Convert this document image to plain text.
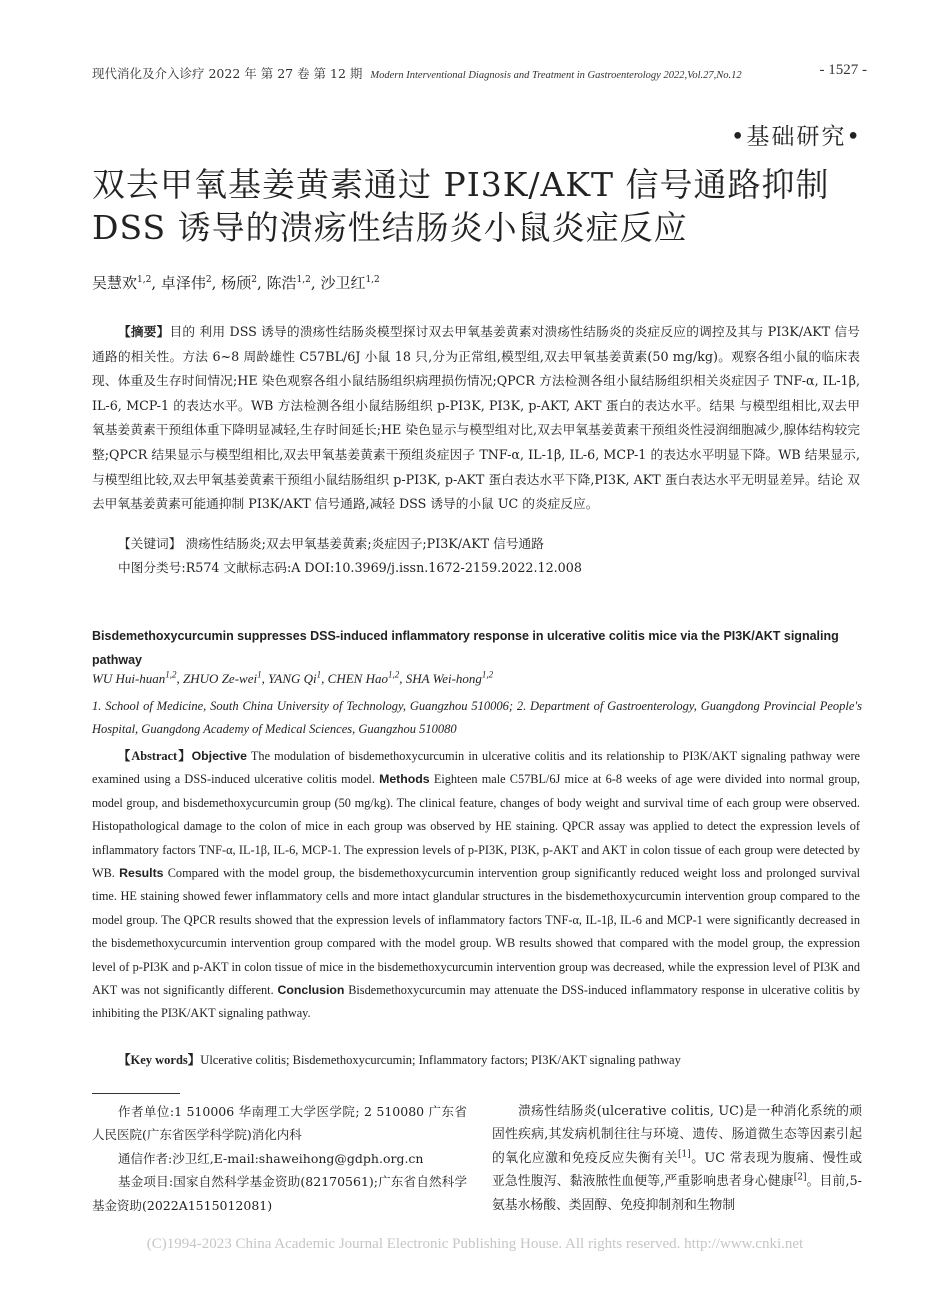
现代消化及介入诊疗 2022 年 第 27 卷 第 12 期 Modern Interventional Diagnosis and Treatment in Gastroenterology 2022,Vol.27,No.12	- 1527 -
•基础研究•
双去甲氧基姜黄素通过 PI3K/AKT 信号通路抑制
DSS 诱导的溃疡性结肠炎小鼠炎症反应
吴慧欢$^{1,2}$, 卓泽伟$^2$, 杨颀$^2$, 陈浩$^{1,2}$, 沙卫红$^{1,2}$

【摘要】目的 利用 DSS 诱导的溃疡性结肠炎模型探讨双去甲氧基姜黄素对溃疡性结肠炎的炎症反应的调控及其与 PI3K/AKT 信号通路的相关性。方法 6~8 周龄雄性 C57BL/6J 小鼠 18 只,分为正常组,模型组,双去甲氧基姜黄素(50 mg/kg)。观察各组小鼠的临床表现、体重及生存时间情况;HE 染色观察各组小鼠结肠组织病理损伤情况;QPCR 方法检测各组小鼠结肠组织相关炎症因子 TNF-α, IL-1β, IL-6, MCP-1 的表达水平。WB 方法检测各组小鼠结肠组织 p-PI3K, PI3K, p-AKT, AKT 蛋白的表达水平。结果 与模型组相比,双去甲氧基姜黄素干预组体重下降明显减轻,生存时间延长;HE 染色显示与模型组对比,双去甲氧基姜黄素干预组炎性浸润细胞减少,腺体结构较完整;QPCR 结果显示与模型组相比,双去甲氧基姜黄素干预组炎症因子 TNF-α, IL-1β, IL-6, MCP-1 的表达水平明显下降。WB 结果显示,与模型组比较,双去甲氧基姜黄素干预组小鼠结肠组织 p-PI3K, p-AKT 蛋白表达水平下降,PI3K, AKT 蛋白表达水平无明显差异。结论 双去甲氧基姜黄素可能通抑制 PI3K/AKT 信号通路,减轻 DSS 诱导的小鼠 UC 的炎症反应。

【关键词】 溃疡性结肠炎;双去甲氧基姜黄素;炎症因子;PI3K/AKT 信号通路
中图分类号:R574 文献标志码:A DOI:10.3969/j.issn.1672-2159.2022.12.008

Bisdemethoxycurcumin suppresses DSS-induced inflammatory response in ulcerative colitis mice via the PI3K/AKT signaling pathway

WU Hui-huan$^{1,2}$, ZHUO Ze-wei$^1$, YANG Qi$^1$, CHEN Hao$^{1,2}$, SHA Wei-hong$^{1,2}$

1. School of Medicine, South China University of Technology, Guangzhou 510006; 2. Department of Gastroenterology, Guangdong Provincial People's Hospital, Guangdong Academy of Medical Sciences, Guangzhou 510080

【Abstract】Objective The modulation of bisdemethoxycurcumin in ulcerative colitis and its relationship to PI3K/AKT signaling pathway were examined using a DSS-induced ulcerative colitis model. Methods Eighteen male C57BL/6J mice at 6-8 weeks of age were divided into normal group, model group, and bisdemethoxycurcumin group (50 mg/kg). The clinical feature, changes of body weight and survival time of each group were observed. Histopathological damage to the colon of mice in each group was observed by HE staining. QPCR assay was applied to detect the expression levels of inflammatory factors TNF-α, IL-1β, IL-6, MCP-1. The expression levels of p-PI3K, PI3K, p-AKT and AKT in colon tissue of each group were detected by WB. Results Compared with the model group, the bisdemethoxycurcumin intervention group significantly reduced weight loss and prolonged survival time. HE staining showed fewer inflammatory cells and more intact glandular structures in the bisdemethoxycurcumin intervention group compared to the model group. The QPCR results showed that the expression levels of inflammatory factors TNF-α, IL-1β, IL-6 and MCP-1 were significantly decreased in the bisdemethoxycurcumin intervention group compared with the model group. WB results showed that compared with the model group, the expression level of p-PI3K and p-AKT in colon tissue of mice in the bisdemethoxycurcumin intervention group was decreased, while the expression level of PI3K and AKT was not significantly different. Conclusion Bisdemethoxycurcumin may attenuate the DSS-induced inflammatory response in ulcerative colitis by inhibiting the PI3K/AKT signaling pathway.

【Key words】Ulcerative colitis; Bisdemethoxycurcumin; Inflammatory factors; PI3K/AKT signaling pathway

作者单位:1 510006 华南理工大学医学院; 2 510080 广东省人民医院(广东省医学科学院)消化内科

通信作者:沙卫红,E-mail:shaweihong@gdph.org.cn

基金项目:国家自然科学基金资助(82170561);广东省自然科学基金资助(2022A1515012081)

溃疡性结肠炎(ulcerative colitis, UC)是一种消化系统的顽固性疾病,其发病机制往往与环境、遗传、肠道微生态等因素引起的氧化应激和免疫反应失衡有关[1]。UC 常表现为腹痛、慢性或亚急性腹泻、黏液脓性血便等,严重影响患者身心健康[2]。目前,5-氨基水杨酸、类固醇、免疫抑制剂和生物制

(C)1994-2023 China Academic Journal Electronic Publishing House. All rights reserved. http://www.cnki.net
